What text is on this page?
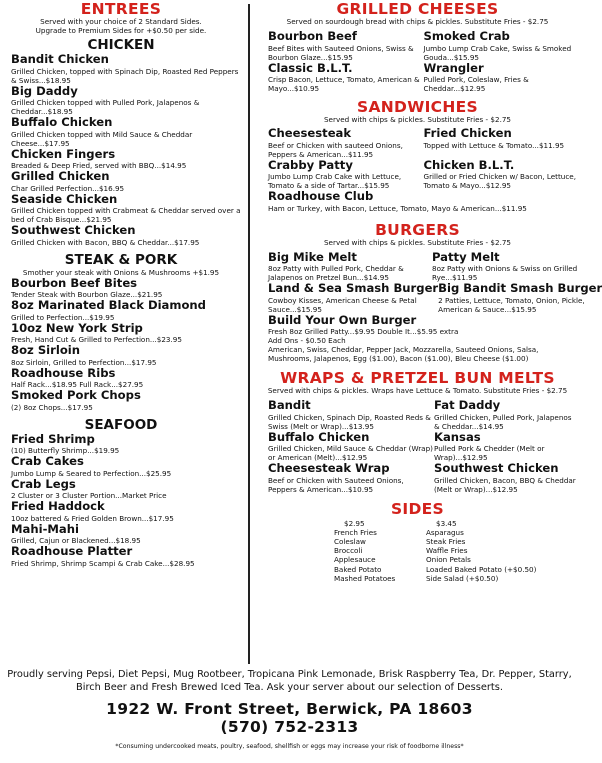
ENTREES
Served with your choice of 2 Standard Sides. Upgrade to Premium Sides for +$0.50 per side.
CHICKEN
Bandit Chicken
Grilled Chicken, topped with Spinach Dip, Roasted Red Peppers & Swiss...$18.95
Big Daddy
Grilled Chicken topped with Pulled Pork, Jalapenos & Cheddar...$18.95
Buffalo Chicken
Grilled Chicken topped with Mild Sauce & Cheddar Cheese...$17.95
Chicken Fingers
Breaded & Deep Fried, served with BBQ...$14.95
Grilled Chicken
Char Grilled Perfection...$16.95
Seaside Chicken
Grilled Chicken topped with Crabmeat & Cheddar served over a bed of Crab Bisque...$21.95
Southwest Chicken
Grilled Chicken with Bacon, BBQ & Cheddar...$17.95
STEAK & PORK
Smother your steak with Onions & Mushrooms +$1.95
Bourbon Beef Bites
Tender Steak with Bourbon Glaze...$21.95
8oz Marinated Black Diamond
Grilled to Perfection...$19.95
10oz New York Strip
Fresh, Hand Cut & Grilled to Perfection...$23.95
8oz Sirloin
8oz Sirloin, Grilled to Perfection...$17.95
Roadhouse Ribs
Half Rack...$18.95 Full Rack...$27.95
Smoked Pork Chops
(2) 8oz Chops...$17.95
SEAFOOD
Fried Shrimp
(10) Butterfly Shrimp...$19.95
Crab Cakes
Jumbo Lump & Seared to Perfection...$25.95
Crab Legs
2 Cluster or 3 Cluster Portion...Market Price
Fried Haddock
10oz battered & Fried Golden Brown...$17.95
Mahi-Mahi
Grilled, Cajun or Blackened...$18.95
Roadhouse Platter
Fried Shrimp, Shrimp Scampi & Crab Cake...$28.95
GRILLED CHEESES
Served on sourdough bread with chips & pickles. Substitute Fries - $2.75
Bourbon Beef
Beef Bites with Sauteed Onions, Swiss & Bourbon Glaze...$15.95
Smoked Crab
Jumbo Lump Crab Cake, Swiss & Smoked Gouda...$15.95
Classic B.L.T.
Crisp Bacon, Lettuce, Tomato, American & Mayo...$10.95
Wrangler
Pulled Pork, Coleslaw, Fries & Cheddar...$12.95
SANDWICHES
Served with chips & pickles. Substitute Fries - $2.75
Cheesesteak
Beef or Chicken with sauteed Onions, Peppers & American...$11.95
Fried Chicken
Topped with Lettuce & Tomato...$11.95
Crabby Patty
Jumbo Lump Crab Cake with Lettuce, Tomato & a side of Tartar...$15.95
Chicken B.L.T.
Grilled or Fried Chicken w/ Bacon, Lettuce, Tomato & Mayo...$12.95
Roadhouse Club
Ham or Turkey, with Bacon, Lettuce, Tomato, Mayo & American...$11.95
BURGERS
Served with chips & pickles. Substitute Fries - $2.75
Big Mike Melt
8oz Patty with Pulled Pork, Cheddar & Jalapenos on Pretzel Bun...$14.95
Patty Melt
8oz Patty with Onions & Swiss on Grilled Rye...$11.95
Land & Sea Smash Burger
Cowboy Kisses, American Cheese & Petal Sauce...$15.95
Big Bandit Smash Burger
2 Patties, Lettuce, Tomato, Onion, Pickle, American & Sauce...$15.95
Build Your Own Burger
Fresh 8oz Grilled Patty...$9.95 Double It...$5.95 extra
Add Ons - $0.50 Each
American, Swiss, Cheddar, Pepper Jack, Mozzarella, Sauteed Onions, Salsa, Mushrooms, Jalapenos, Egg ($1.00), Bacon ($1.00), Bleu Cheese ($1.00)
WRAPS & PRETZEL BUN MELTS
Served with chips & pickles. Wraps have Lettuce & Tomato. Substitute Fries - $2.75
Bandit
Grilled Chicken, Spinach Dip, Roasted Reds & Swiss (Melt or Wrap)...$13.95
Fat Daddy
Grilled Chicken, Pulled Pork, Jalapenos & Cheddar...$14.95
Buffalo Chicken
Grilled Chicken, Mild Sauce & Cheddar (Wrap) or American (Melt)...$12.95
Kansas
Pulled Pork & Chedder (Melt or Wrap)...$12.95
Cheesesteak Wrap
Beef or Chicken with Sauteed Onions, Peppers & American...$10.95
Southwest Chicken
Grilled Chicken, Bacon, BBQ & Cheddar (Melt or Wrap)...$12.95
SIDES
$2.95
French Fries
Coleslaw
Broccoli
Applesauce
Baked Potato
Mashed Potatoes
$3.45
Asparagus
Steak Fries
Waffle Fries
Onion Petals
Loaded Baked Potato (+$0.50)
Side Salad (+$0.50)
Proudly serving Pepsi, Diet Pepsi, Mug Rootbeer, Tropicana Pink Lemonade, Brisk Raspberry Tea, Dr. Pepper, Starry, Birch Beer and Fresh Brewed Iced Tea. Ask your server about our selection of Desserts.
1922 W. Front Street, Berwick, PA 18603
(570) 752-2313
*Consuming undercooked meats, poultry, seafood, shellfish or eggs may increase your risk of foodborne illness*
